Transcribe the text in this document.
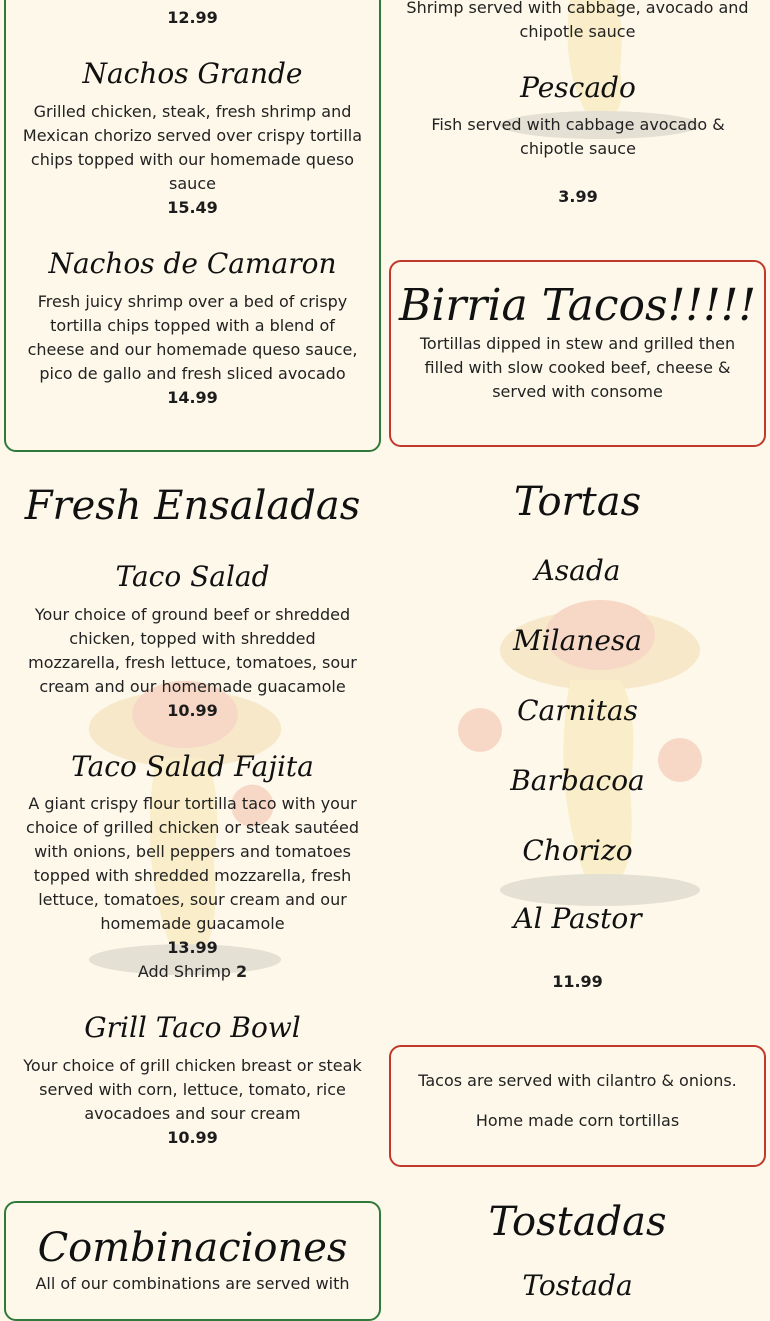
12.99
Nachos Grande
Grilled chicken, steak, fresh shrimp and Mexican chorizo served over crispy tortilla chips topped with our homemade queso sauce
15.49
Nachos de Camaron
Fresh juicy shrimp over a bed of crispy tortilla chips topped with a blend of cheese and our homemade queso sauce, pico de gallo and fresh sliced avocado
14.99
Fresh Ensaladas
Taco Salad
Your choice of ground beef or shredded chicken, topped with shredded mozzarella, fresh lettuce, tomatoes, sour cream and our homemade guacamole
10.99
Taco Salad Fajita
A giant crispy flour tortilla taco with your choice of grilled chicken or steak sautéed with onions, bell peppers and tomatoes topped with shredded mozzarella, fresh lettuce, tomatoes, sour cream and our homemade guacamole
13.99
Add Shrimp 2
Grill Taco Bowl
Your choice of grill chicken breast or steak served with corn, lettuce, tomato, rice avocadoes and sour cream
10.99
Combinaciones
All of our combinations are served with
Shrimp served with cabbage, avocado and chipotle sauce
Pescado
Fish served with cabbage avocado & chipotle sauce
3.99
Birria Tacos!!!!!
Tortillas dipped in stew and grilled then filled with slow cooked beef, cheese & served with consome
Tortas
Asada
Milanesa
Carnitas
Barbacoa
Chorizo
Al Pastor
11.99
Tacos are served with cilantro & onions.
Home made corn tortillas
Tostadas
Tostada
